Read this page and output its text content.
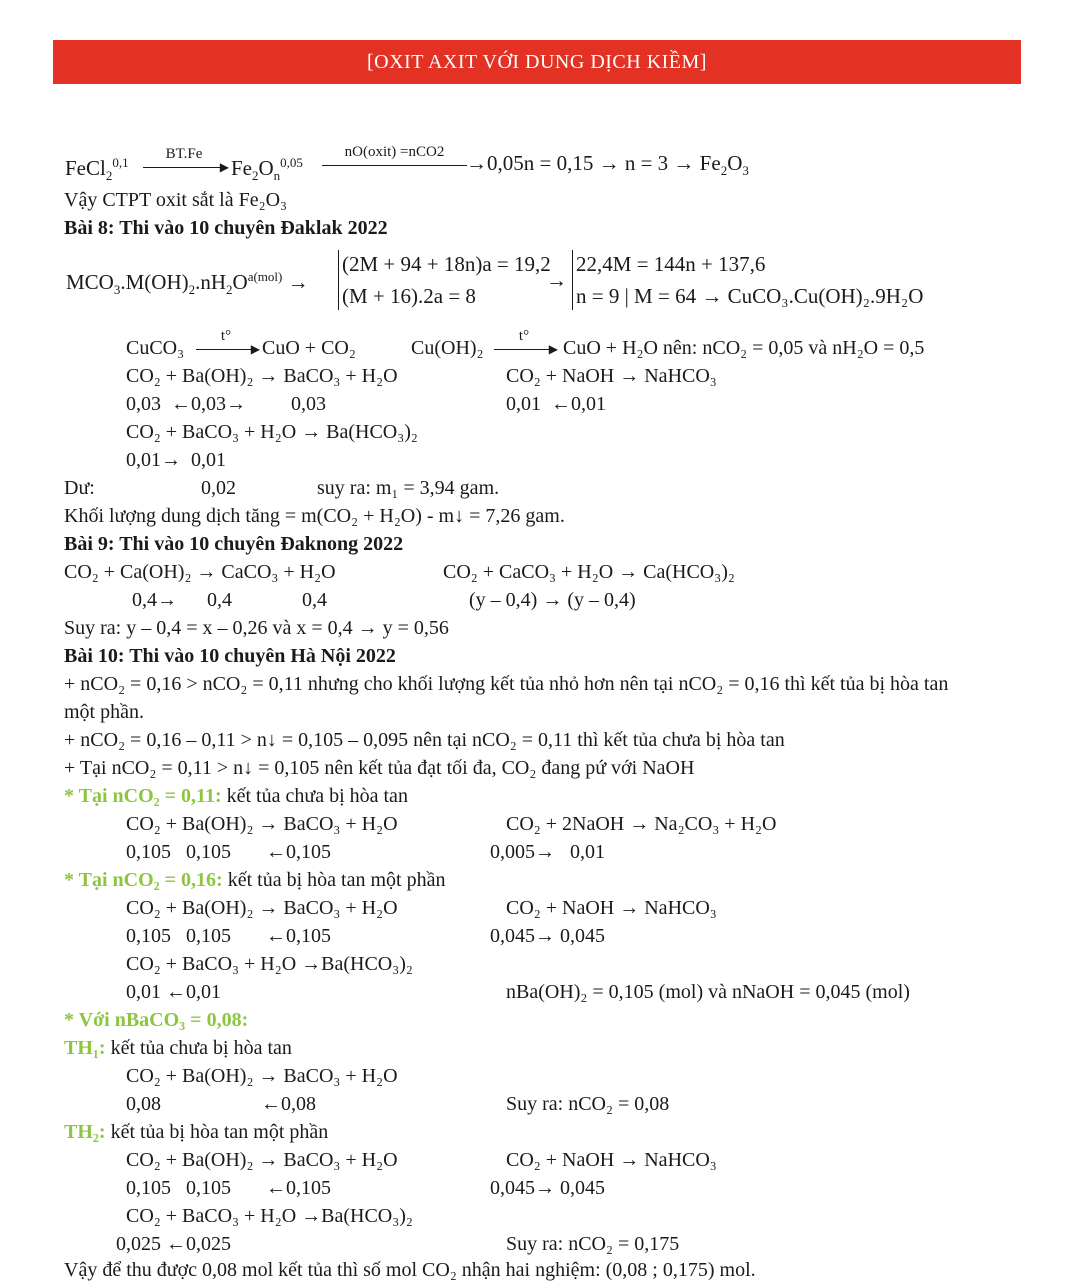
[OXIT AXIT VỚI DUNG DỊCH KIỀM]
FeCl$_2^{0,1}$
BT.Fe
▶ $Fe_2O_n^{0,05}$
nO(oxit) =nCO2	$\to 0,05n = 0,15 \to n = 3 \to Fe_2O_3$
Vậy CTPT oxit sắt là Fe₂O₃
Bài 8: Thi vào 10 chuyên Đaklak 2022
$MCO_3.M(OH)_2.nH_2O^{a(mol)}$ →
(2M + 94 + 18n)a = 19,2
(M + 16).2a = 8
→
22,4M = 144n + 137,6
n = 9 | M = 64 → CuCO₃.Cu(OH)₂.9H₂O
CuCO₃
t°
▶ CuO + CO₂	Cu(OH)₂
t°
▶ CuO + H₂O nên: nCO₂ = 0,05 và nH₂O = 0,5
CO₂ + Ba(OH)₂ → BaCO₃ + H₂O	CO₂ + NaOH → NaHCO₃
0,03  ←0,03→         0,03	0,01  ←0,01
CO₂ + BaCO₃ + H₂O → Ba(HCO₃)₂
0,01→  0,01
Dư:	0,02	suy ra: m₁ = 3,94 gam.
Khối lượng dung dịch tăng = m(CO₂ + H₂O) - m↓ = 7,26 gam.
Bài 9: Thi vào 10 chuyên Đaknong 2022
CO₂ + Ca(OH)₂ → CaCO₃ + H₂O	CO₂ + CaCO₃ + H₂O → Ca(HCO₃)₂
0,4→      0,4              0,4	(y – 0,4) → (y – 0,4)
Suy ra: y – 0,4 = x – 0,26 và x = 0,4 → y = 0,56
Bài 10: Thi vào 10 chuyên Hà Nội 2022
+ nCO₂ = 0,16 > nCO₂ = 0,11 nhưng cho khối lượng kết tủa nhỏ hơn nên tại nCO₂ = 0,16 thì kết tủa bị hòa tan
một phần.
+ nCO₂ = 0,16 – 0,11 > n↓ = 0,105 – 0,095 nên tại nCO₂ = 0,11 thì kết tủa chưa bị hòa tan
+ Tại nCO₂ = 0,11 > n↓ = 0,105 nên kết tủa đạt tối đa, CO₂ đang pứ với NaOH
* Tại nCO₂ = 0,11: kết tủa chưa bị hòa tan
CO₂ + Ba(OH)₂ → BaCO₃ + H₂O	CO₂ + 2NaOH → Na₂CO₃ + H₂O
0,105   0,105       ←0,105	0,005→   0,01
* Tại nCO₂ = 0,16: kết tủa bị hòa tan một phần
CO₂ + Ba(OH)₂ → BaCO₃ + H₂O	CO₂ + NaOH → NaHCO₃
0,105   0,105       ←0,105	0,045→ 0,045
CO₂ + BaCO₃ + H₂O →Ba(HCO₃)₂
0,01 ←0,01	nBa(OH)₂ = 0,105 (mol) và nNaOH = 0,045 (mol)
* Với nBaCO₃ = 0,08:
TH₁: kết tủa chưa bị hòa tan
CO₂ + Ba(OH)₂ → BaCO₃ + H₂O
0,08                    ←0,08	Suy ra: nCO₂ = 0,08
TH₂: kết tủa bị hòa tan một phần
CO₂ + Ba(OH)₂ → BaCO₃ + H₂O	CO₂ + NaOH → NaHCO₃
0,105   0,105       ←0,105	0,045→ 0,045
CO₂ + BaCO₃ + H₂O →Ba(HCO₃)₂
0,025 ←0,025	Suy ra: nCO₂ = 0,175
Vậy để thu được 0,08 mol kết tủa thì số mol CO₂ nhận hai nghiệm: (0,08 ; 0,175) mol.
